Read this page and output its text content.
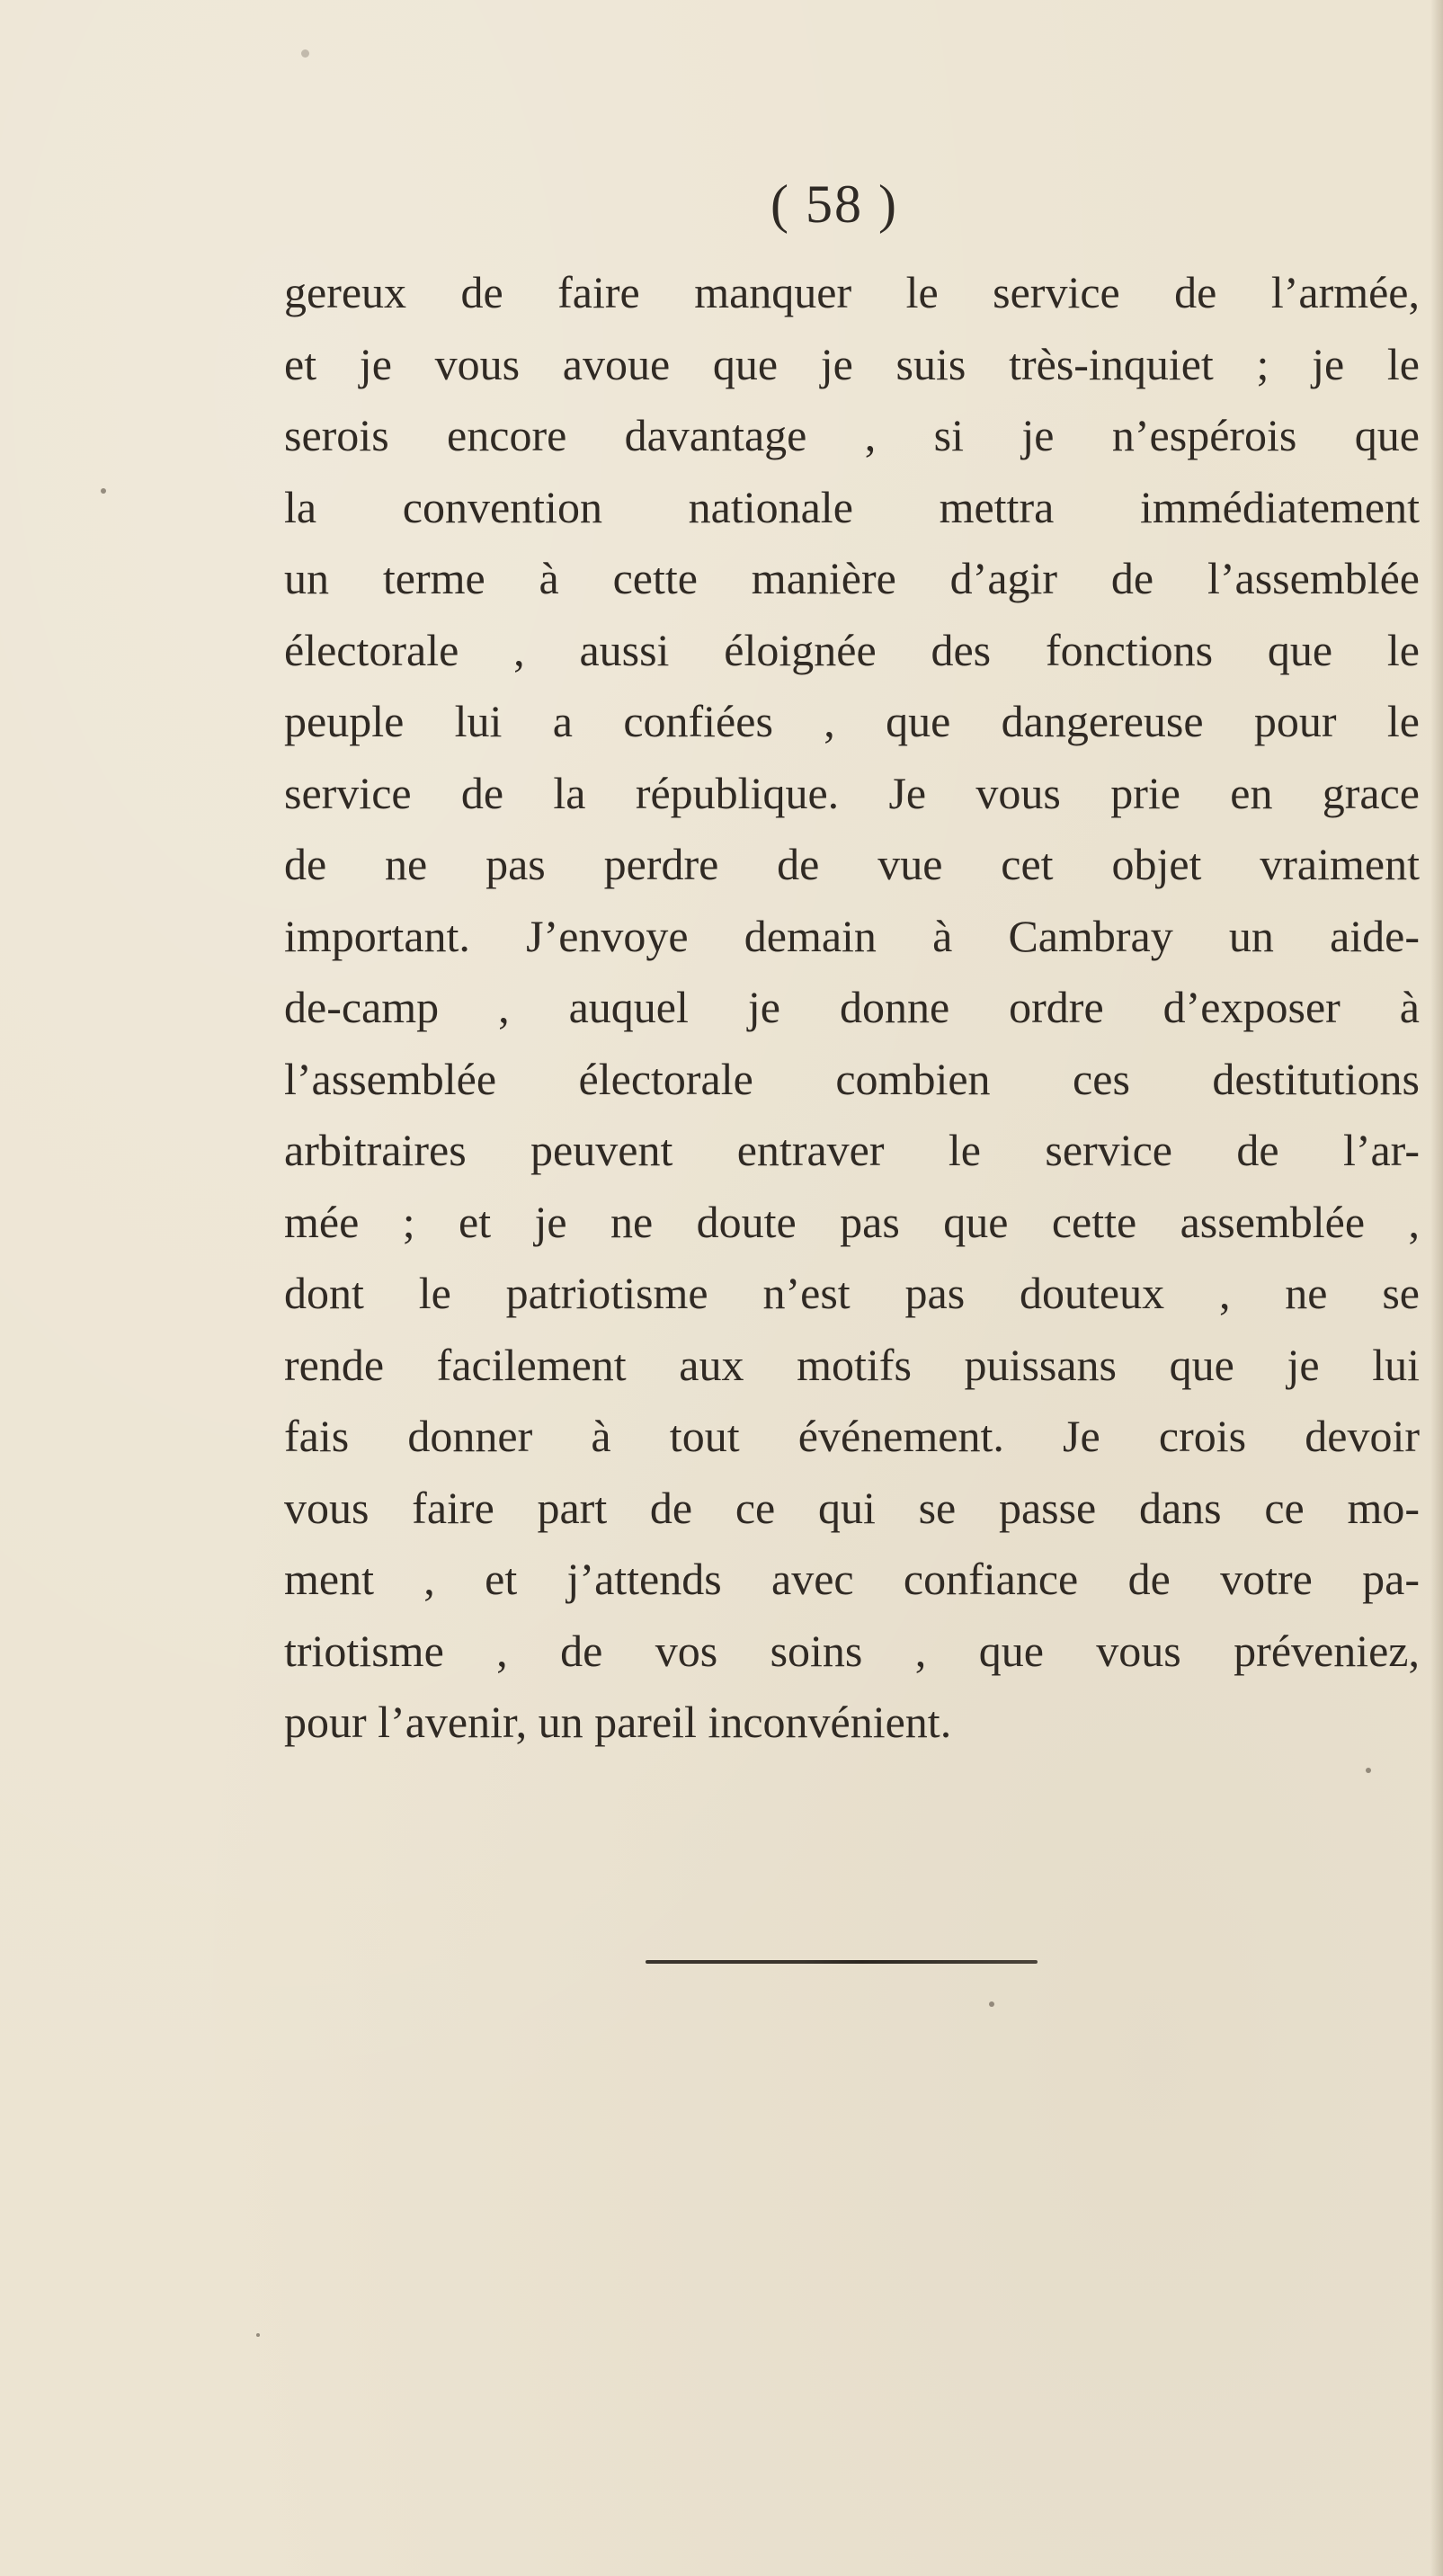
( 58 )
gereux de faire manquer le service de l’armée,
et je vous avoue que je suis très-inquiet ; je le
serois encore davantage , si je n’espérois que
la convention nationale mettra immédiatement
un terme à cette manière d’agir de l’assemblée
électorale , aussi éloignée des fonctions que le
peuple lui a confiées , que dangereuse pour le
service de la république. Je vous prie en grace
de ne pas perdre de vue cet objet vraiment
important. J’envoye demain à Cambray un aide-
de-camp , auquel je donne ordre d’exposer à
l’assemblée électorale combien ces destitutions
arbitraires peuvent entraver le service de l’ar-
mée ; et je ne doute pas que cette assemblée ,
dont le patriotisme n’est pas douteux , ne se
rende facilement aux motifs puissans que je lui
fais donner à tout événement. Je crois devoir
vous faire part de ce qui se passe dans ce mo-
ment , et j’attends avec confiance de votre pa-
triotisme , de vos soins , que vous préveniez,
pour l’avenir, un pareil inconvénient.
